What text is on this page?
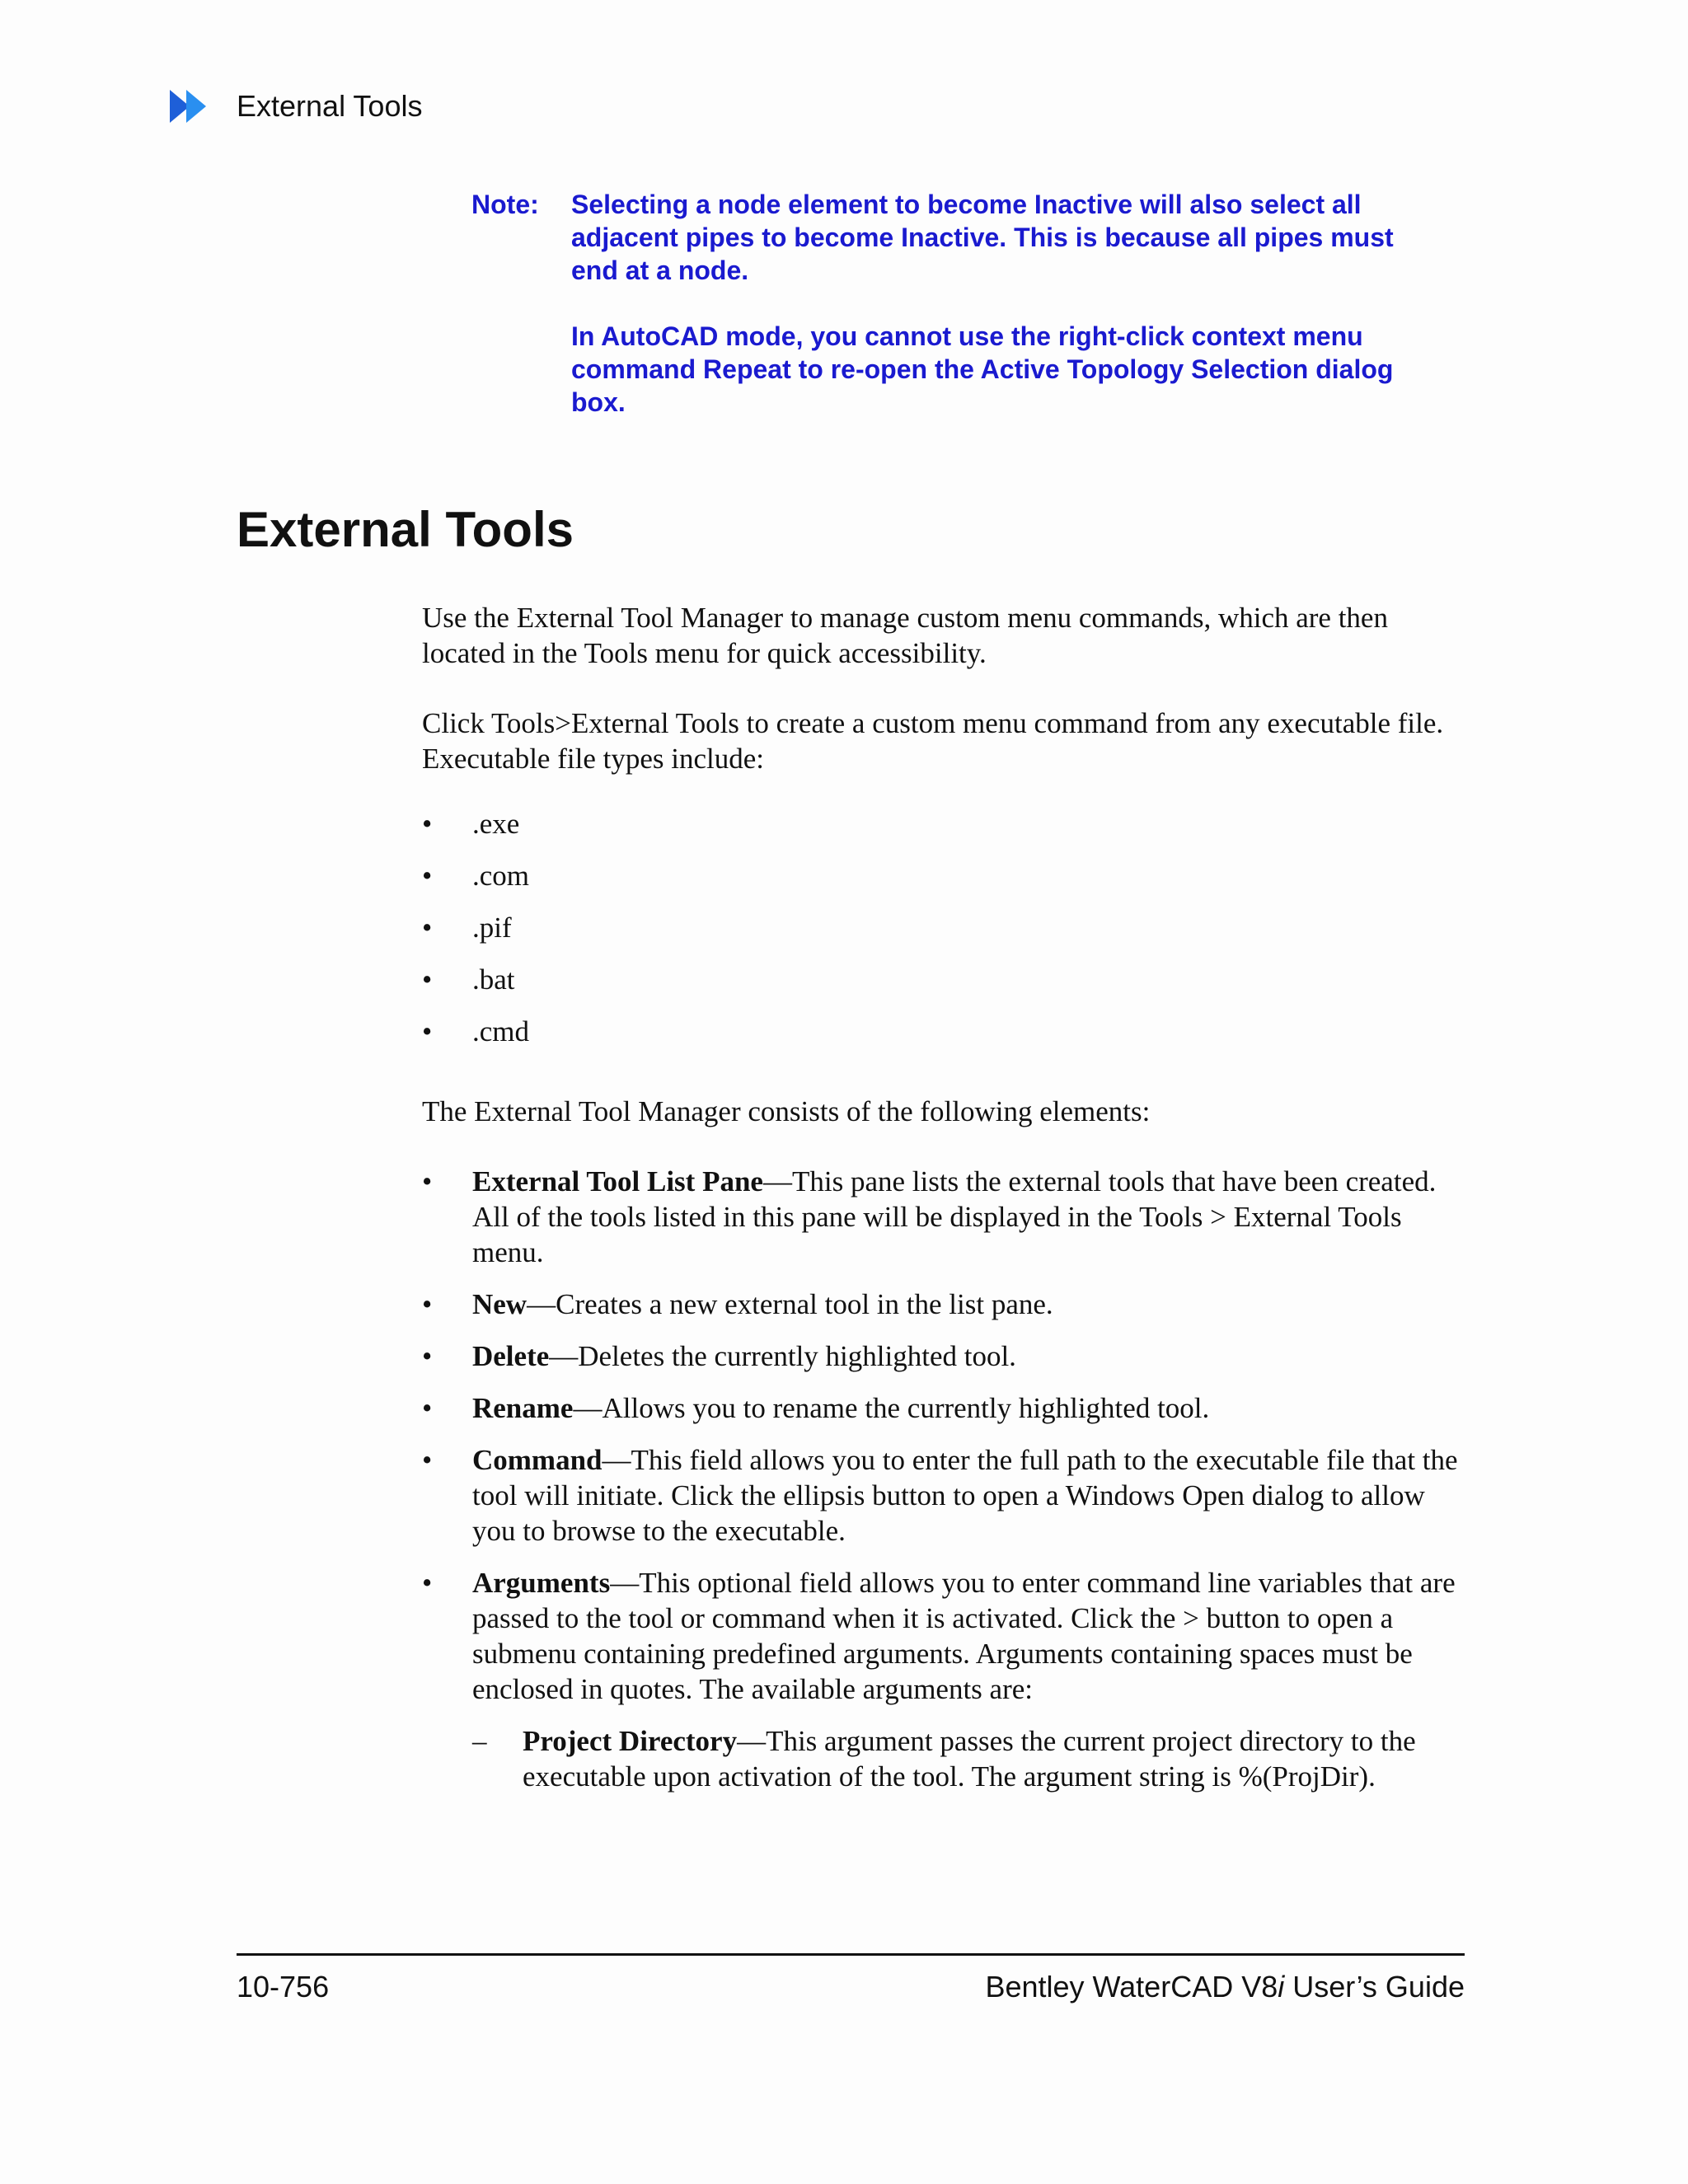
External Tools
Note: Selecting a node element to become Inactive will also select all adjacent pipes to become Inactive. This is because all pipes must end at a node.

In AutoCAD mode, you cannot use the right-click context menu command Repeat to re-open the Active Topology Selection dialog box.

External Tools

Use the External Tool Manager to manage custom menu commands, which are then located in the Tools menu for quick accessibility.

Click Tools>External Tools to create a custom menu command from any executable file. Executable file types include:

• .exe
• .com
• .pif
• .bat
• .cmd

The External Tool Manager consists of the following elements:

• External Tool List Pane—This pane lists the external tools that have been created. All of the tools listed in this pane will be displayed in the Tools > External Tools menu.
• New—Creates a new external tool in the list pane.
• Delete—Deletes the currently highlighted tool.
• Rename—Allows you to rename the currently highlighted tool.
• Command—This field allows you to enter the full path to the executable file that the tool will initiate. Click the ellipsis button to open a Windows Open dialog to allow you to browse to the executable.
• Arguments—This optional field allows you to enter command line variables that are passed to the tool or command when it is activated. Click the > button to open a submenu containing predefined arguments. Arguments containing spaces must be enclosed in quotes. The available arguments are:
– Project Directory—This argument passes the current project directory to the executable upon activation of the tool. The argument string is %(ProjDir).
10-756	Bentley WaterCAD V8i User’s Guide
